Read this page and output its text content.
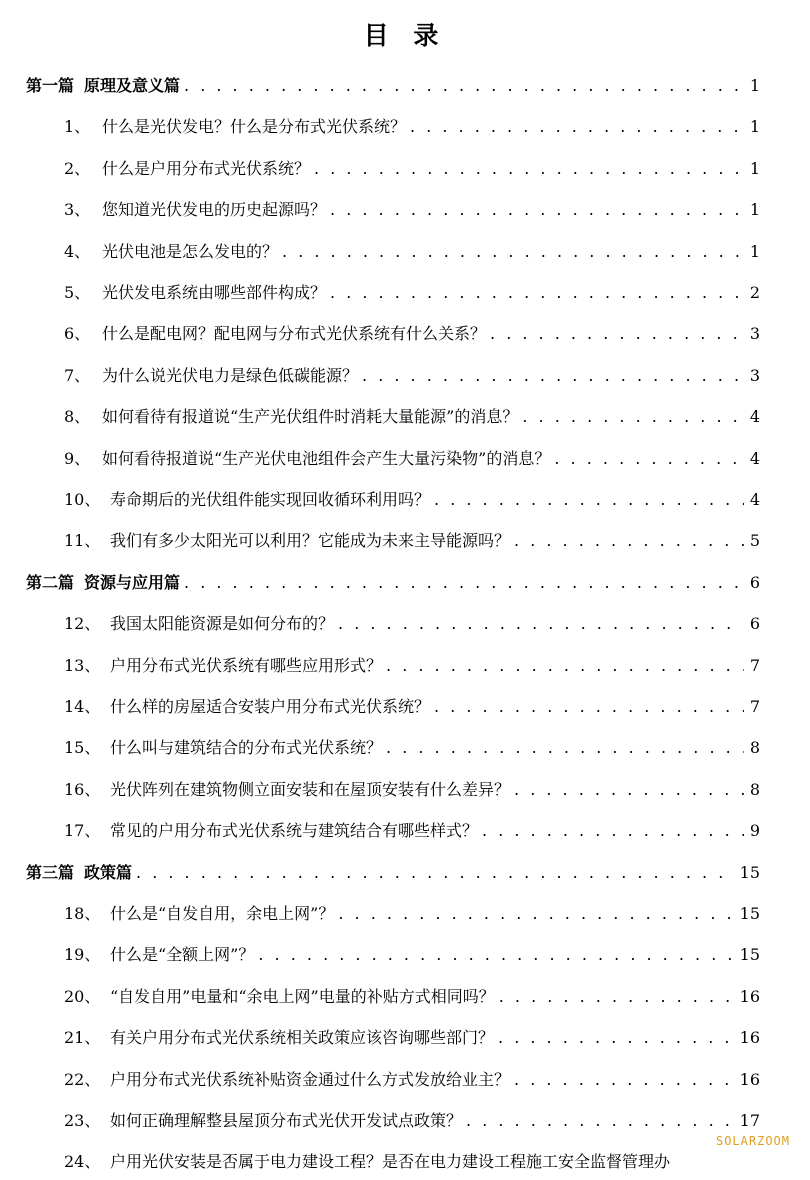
目 录
第一篇 原理及意义篇 . . .	1
1、 什么是光伏发电？什么是分布式光伏系统？ . . .	1
2、 什么是户用分布式光伏系统？ . . .	1
3、 您知道光伏发电的历史起源吗？ . . .	1
4、 光伏电池是怎么发电的？ . . .	1
5、 光伏发电系统由哪些部件构成？ . . .	2
6、 什么是配电网？配电网与分布式光伏系统有什么关系？ . . .	3
7、 为什么说光伏电力是绿色低碳能源？ . . .	3
8、 如何看待有报道说“生产光伏组件时消耗大量能源”的消息？ . . .	4
9、 如何看待报道说“生产光伏电池组件会产生大量污染物”的消息？ . . .	4
10、 寿命期后的光伏组件能实现回收循环利用吗？ . . .	4
11、 我们有多少太阳光可以利用？它能成为未来主导能源吗？ . . .	5
第二篇 资源与应用篇 . . .	6
12、 我国太阳能资源是如何分布的？ . . .	6
13、 户用分布式光伏系统有哪些应用形式？ . . .	7
14、 什么样的房屋适合安装户用分布式光伏系统？ . . .	7
15、 什么叫与建筑结合的分布式光伏系统？ . . .	8
16、 光伏阵列在建筑物侧立面安装和在屋顶安装有什么差异？ . . .	8
17、 常见的户用分布式光伏系统与建筑结合有哪些样式？ . . .	9
第三篇 政策篇 . . .	15
18、 什么是“自发自用，余电上网”？ . . .	15
19、 什么是“全额上网”？ . . .	15
20、 “自发自用”电量和“余电上网”电量的补贴方式相同吗？ . . .	16
21、 有关户用分布式光伏系统相关政策应该咨询哪些部门？ . . .	16
22、 户用分布式光伏系统补贴资金通过什么方式发放给业主？ . . .	16
23、 如何正确理解整县屋顶分布式光伏开发试点政策？ . . .	17
24、 户用光伏安装是否属于电力建设工程？是否在电力建设工程施工安全监督管理办
SOLARZOOM
